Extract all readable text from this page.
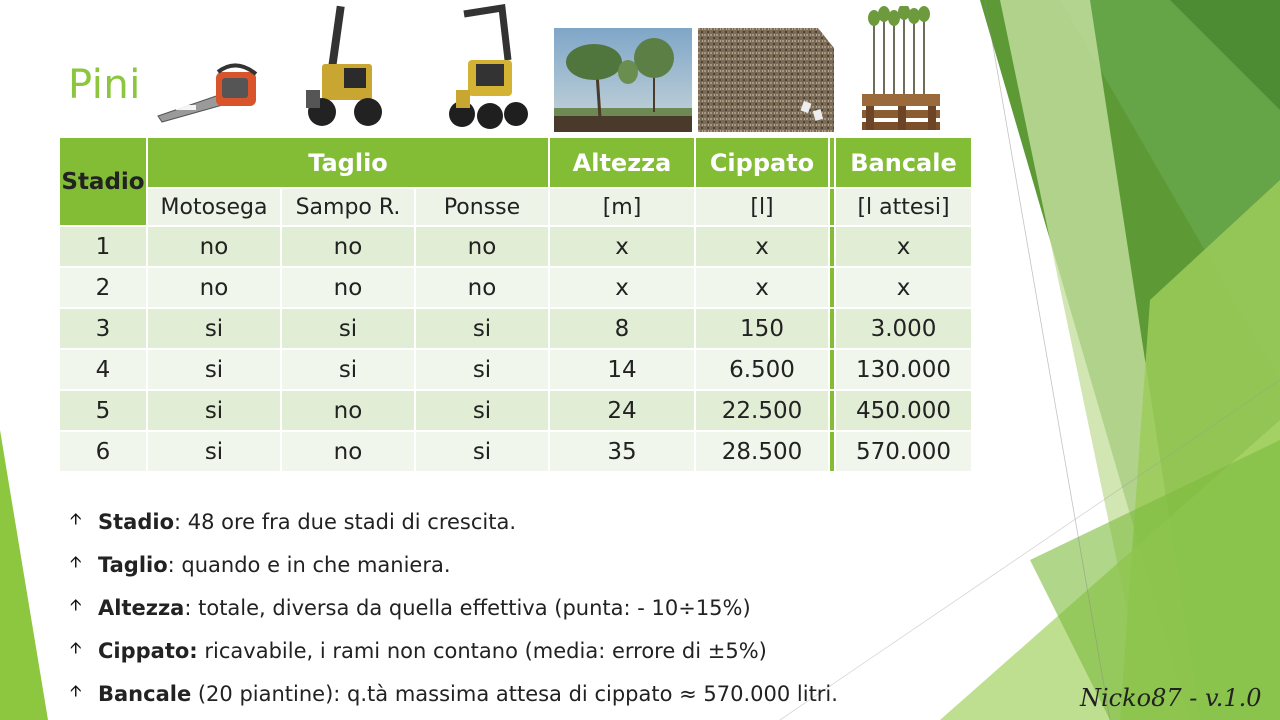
Pini
Stadio	Taglio			Altezza	Cippato		Bancale
	Motosega	Sampo R.	Ponsse	[m]	[l]		[l attesi]
1	no	no	no	x	x		x
2	no	no	no	x	x		x
3	si	si	si	8	150		3.000
4	si	si	si	14	6.500		130.000
5	si	no	si	24	22.500		450.000
6	si	no	si	35	28.500		570.000
🡩 Stadio: 48 ore fra due stadi di crescita.
🡩 Taglio: quando e in che maniera.
🡩 Altezza: totale, diversa da quella effettiva (punta: - 10÷15%)
🡩 Cippato: ricavabile, i rami non contano (media: errore di ±5%)
🡩 Bancale (20 piantine): q.tà massima attesa di cippato ≈ 570.000 litri.	Nicko87 - v.1.0
